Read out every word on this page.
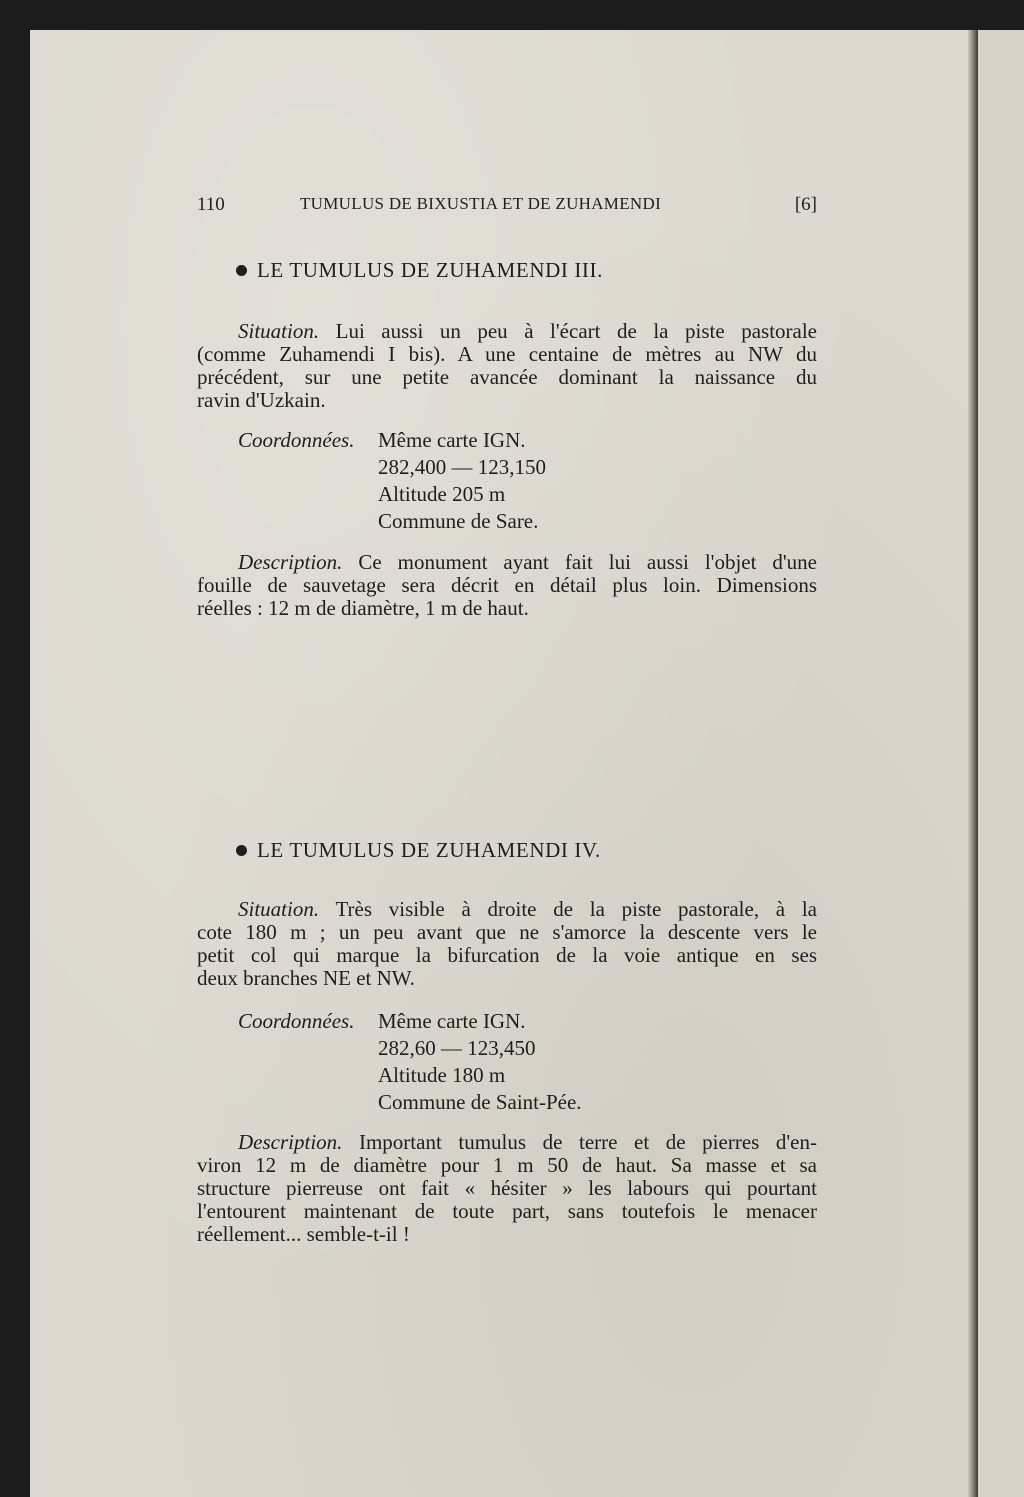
110	TUMULUS DE BIXUSTIA ET DE ZUHAMENDI	[6]
LE TUMULUS DE ZUHAMENDI III.
Situation. Lui aussi un peu à l'écart de la piste pastorale
(comme Zuhamendi I bis). A une centaine de mètres au NW du
précédent, sur une petite avancée dominant la naissance du
ravin d'Uzkain.
Coordonnées.	Même carte IGN.
282,400 — 123,150
Altitude 205 m
Commune de Sare.
Description. Ce monument ayant fait lui aussi l'objet d'une
fouille de sauvetage sera décrit en détail plus loin. Dimensions
réelles : 12 m de diamètre, 1 m de haut.
LE TUMULUS DE ZUHAMENDI IV.
Situation. Très visible à droite de la piste pastorale, à la
cote 180 m ; un peu avant que ne s'amorce la descente vers le
petit col qui marque la bifurcation de la voie antique en ses
deux branches NE et NW.
Coordonnées.	Même carte IGN.
282,60 — 123,450
Altitude 180 m
Commune de Saint-Pée.
Description. Important tumulus de terre et de pierres d'en-
viron 12 m de diamètre pour 1 m 50 de haut. Sa masse et sa
structure pierreuse ont fait « hésiter » les labours qui pourtant
l'entourent maintenant de toute part, sans toutefois le menacer
réellement... semble-t-il !
